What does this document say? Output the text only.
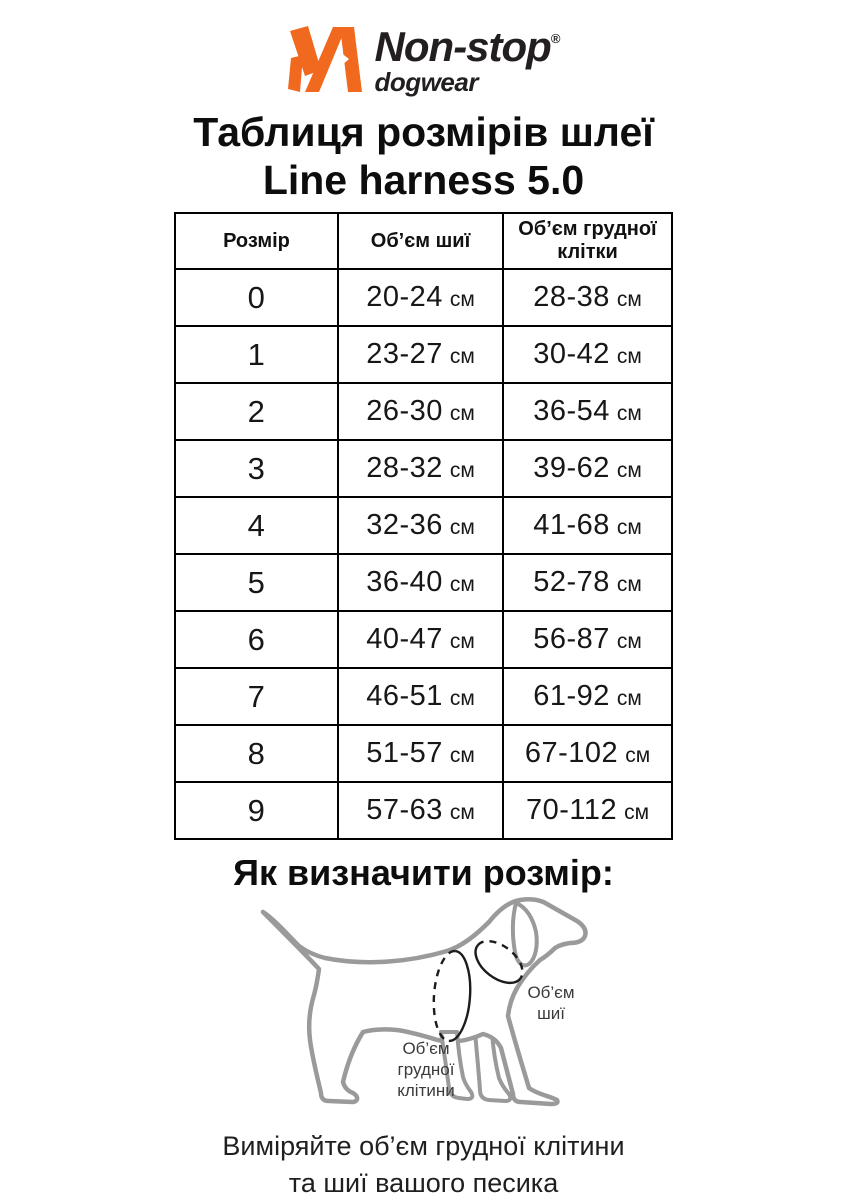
Non-stop®
dogwear
Таблиця розмірів шлеї
Line harness 5.0
Розмір	Об’єм шиї	Об’єм грудної клітки
0	20-24 см	28-38 см
1	23-27 см	30-42 см
2	26-30 см	36-54 см
3	28-32 см	39-62 см
4	32-36 см	41-68 см
5	36-40 см	52-78 см
6	40-47 см	56-87 см
7	46-51 см	61-92 см
8	51-57 см	67-102 см
9	57-63 см	70-112 см
Як визначити розмір:
Об’єм
шиї
Об’єм
грудної
клітини
Виміряйте об’єм грудної клітини
та шиї вашого песика
